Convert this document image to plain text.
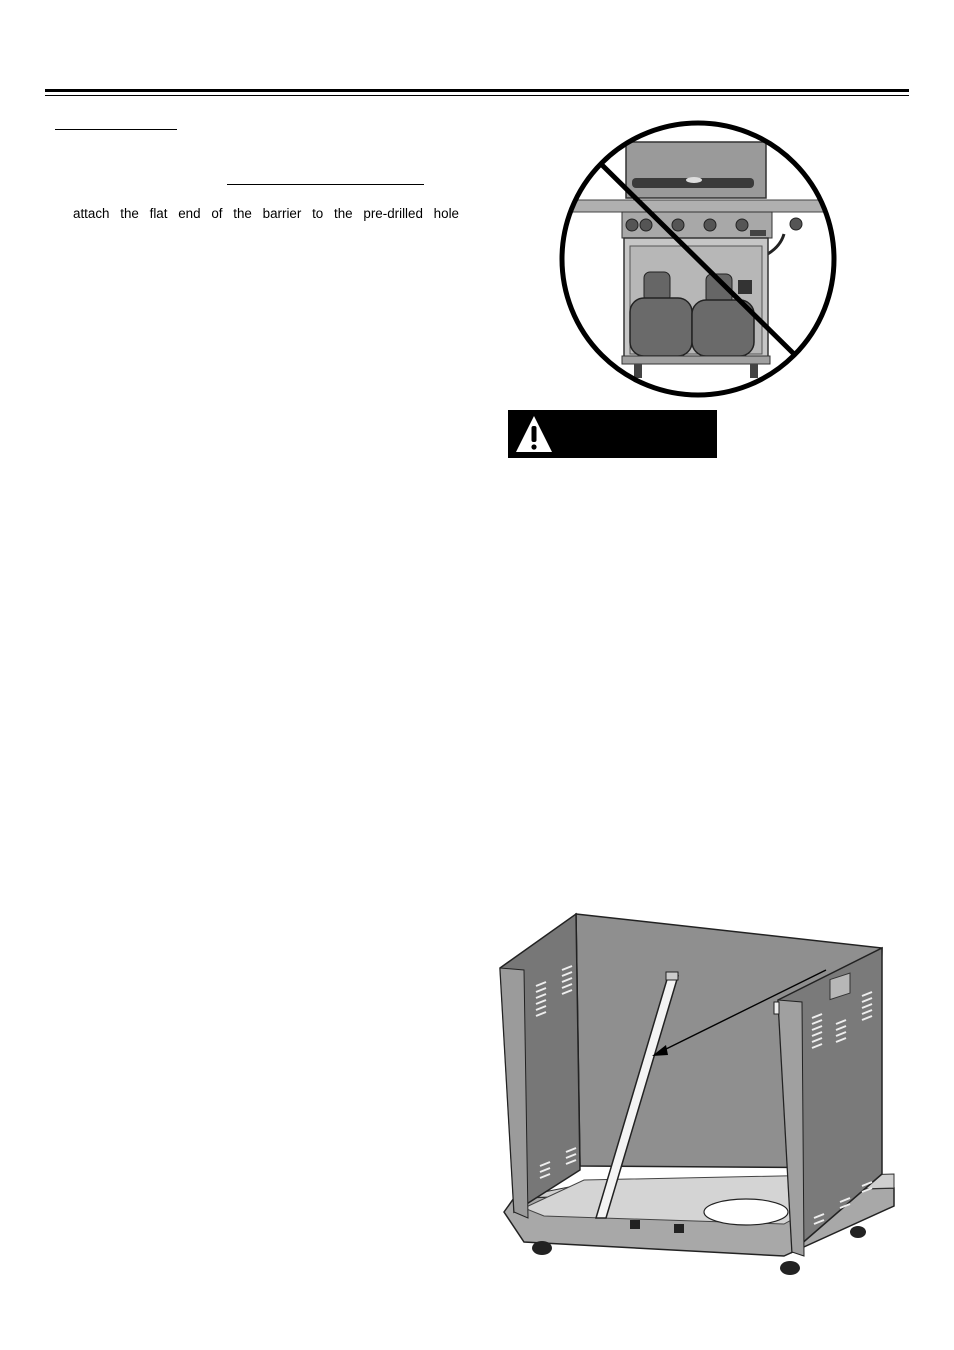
attach the flat end of the barrier to the pre-drilled hole
